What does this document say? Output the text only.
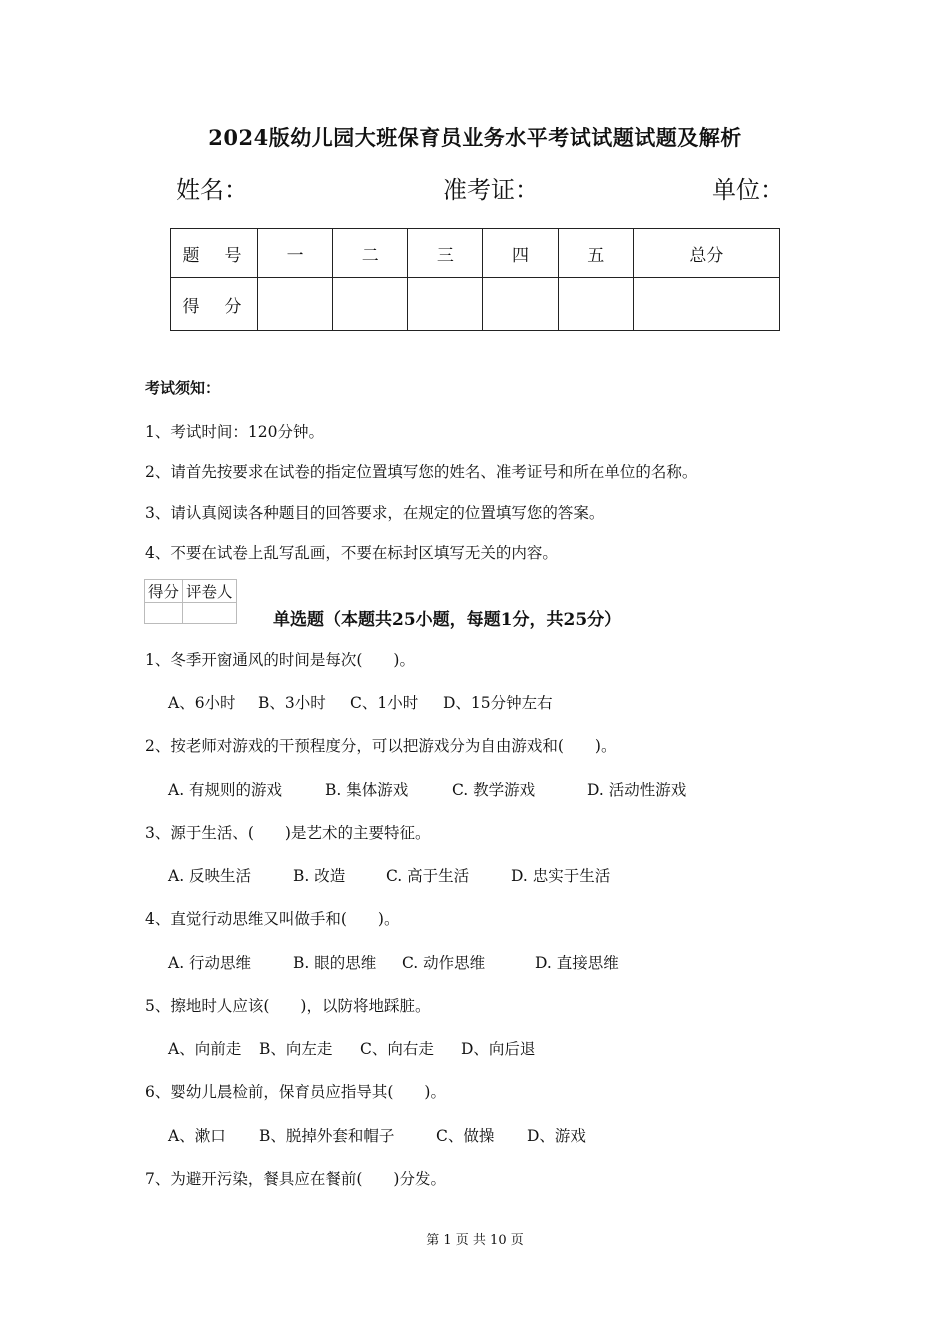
2024版幼儿园大班保育员业务水平考试试题试题及解析
姓名：	准考证：	单位：
题　号	一	二	三	四	五	总分
得　分						
考试须知：
1、考试时间：120分钟。
2、请首先按要求在试卷的指定位置填写您的姓名、准考证号和所在单位的名称。
3、请认真阅读各种题目的回答要求，在规定的位置填写您的答案。
4、不要在试卷上乱写乱画，不要在标封区填写无关的内容。
得分	评卷人

单选题（本题共25小题，每题1分，共25分）
1、冬季开窗通风的时间是每次(　　)。
A、6小时 B、3小时 C、1小时 D、15分钟左右
2、按老师对游戏的干预程度分，可以把游戏分为自由游戏和(　　)。
A. 有规则的游戏	B. 集体游戏	C. 教学游戏	D. 活动性游戏
3、源于生活、(　　)是艺术的主要特征。
A. 反映生活	B. 改造	C. 高于生活	D. 忠实于生活
4、直觉行动思维又叫做手和(　　)。
A. 行动思维	B. 眼的思维 C. 动作思维	D. 直接思维
5、擦地时人应该(　　)，以防将地踩脏。
A、向前走 B、向左走 C、向右走 D、向后退
6、婴幼儿晨检前，保育员应指导其(　　)。
A、漱口 B、脱掉外套和帽子	C、做操 D、游戏
7、为避开污染，餐具应在餐前(　　)分发。
第 1 页 共 10 页
